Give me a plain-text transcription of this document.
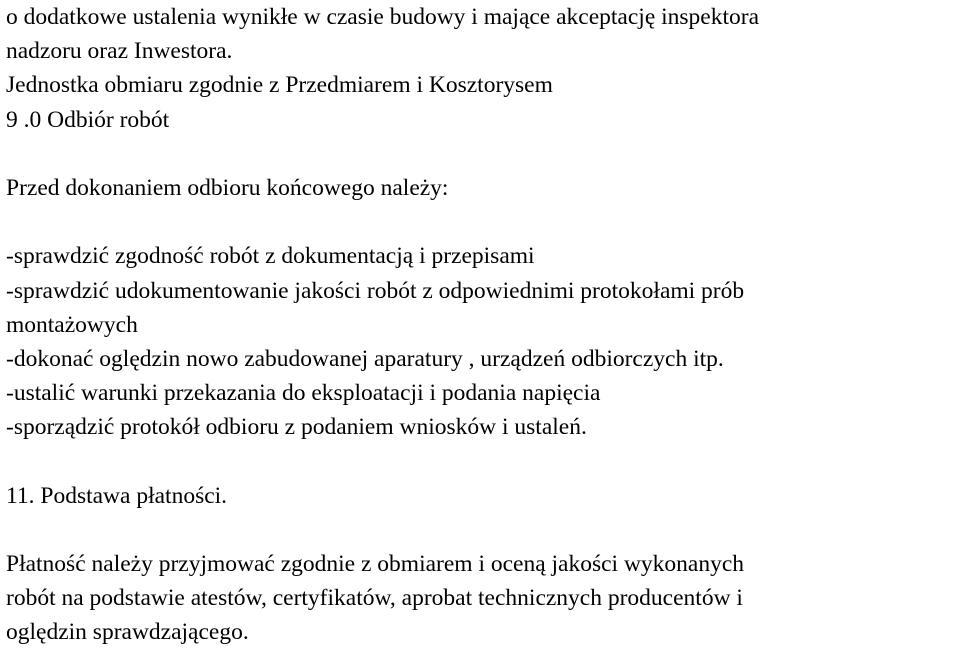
o dodatkowe ustalenia wynikłe w czasie budowy i mające akceptację inspektora
nadzoru oraz Inwestora.
Jednostka obmiaru zgodnie z Przedmiarem i Kosztorysem
9 .0 Odbiór robót
Przed dokonaniem odbioru końcowego należy:
-sprawdzić zgodność robót z dokumentacją i przepisami
-sprawdzić udokumentowanie jakości robót z odpowiednimi protokołami prób
montażowych
-dokonać oględzin nowo zabudowanej aparatury , urządzeń odbiorczych itp.
-ustalić warunki przekazania do eksploatacji i podania napięcia
-sporządzić protokół odbioru z podaniem wniosków i ustaleń.
11. Podstawa płatności.
Płatność należy przyjmować zgodnie z obmiarem i oceną jakości wykonanych
robót na podstawie atestów, certyfikatów, aprobat technicznych producentów i
oględzin sprawdzającego.
